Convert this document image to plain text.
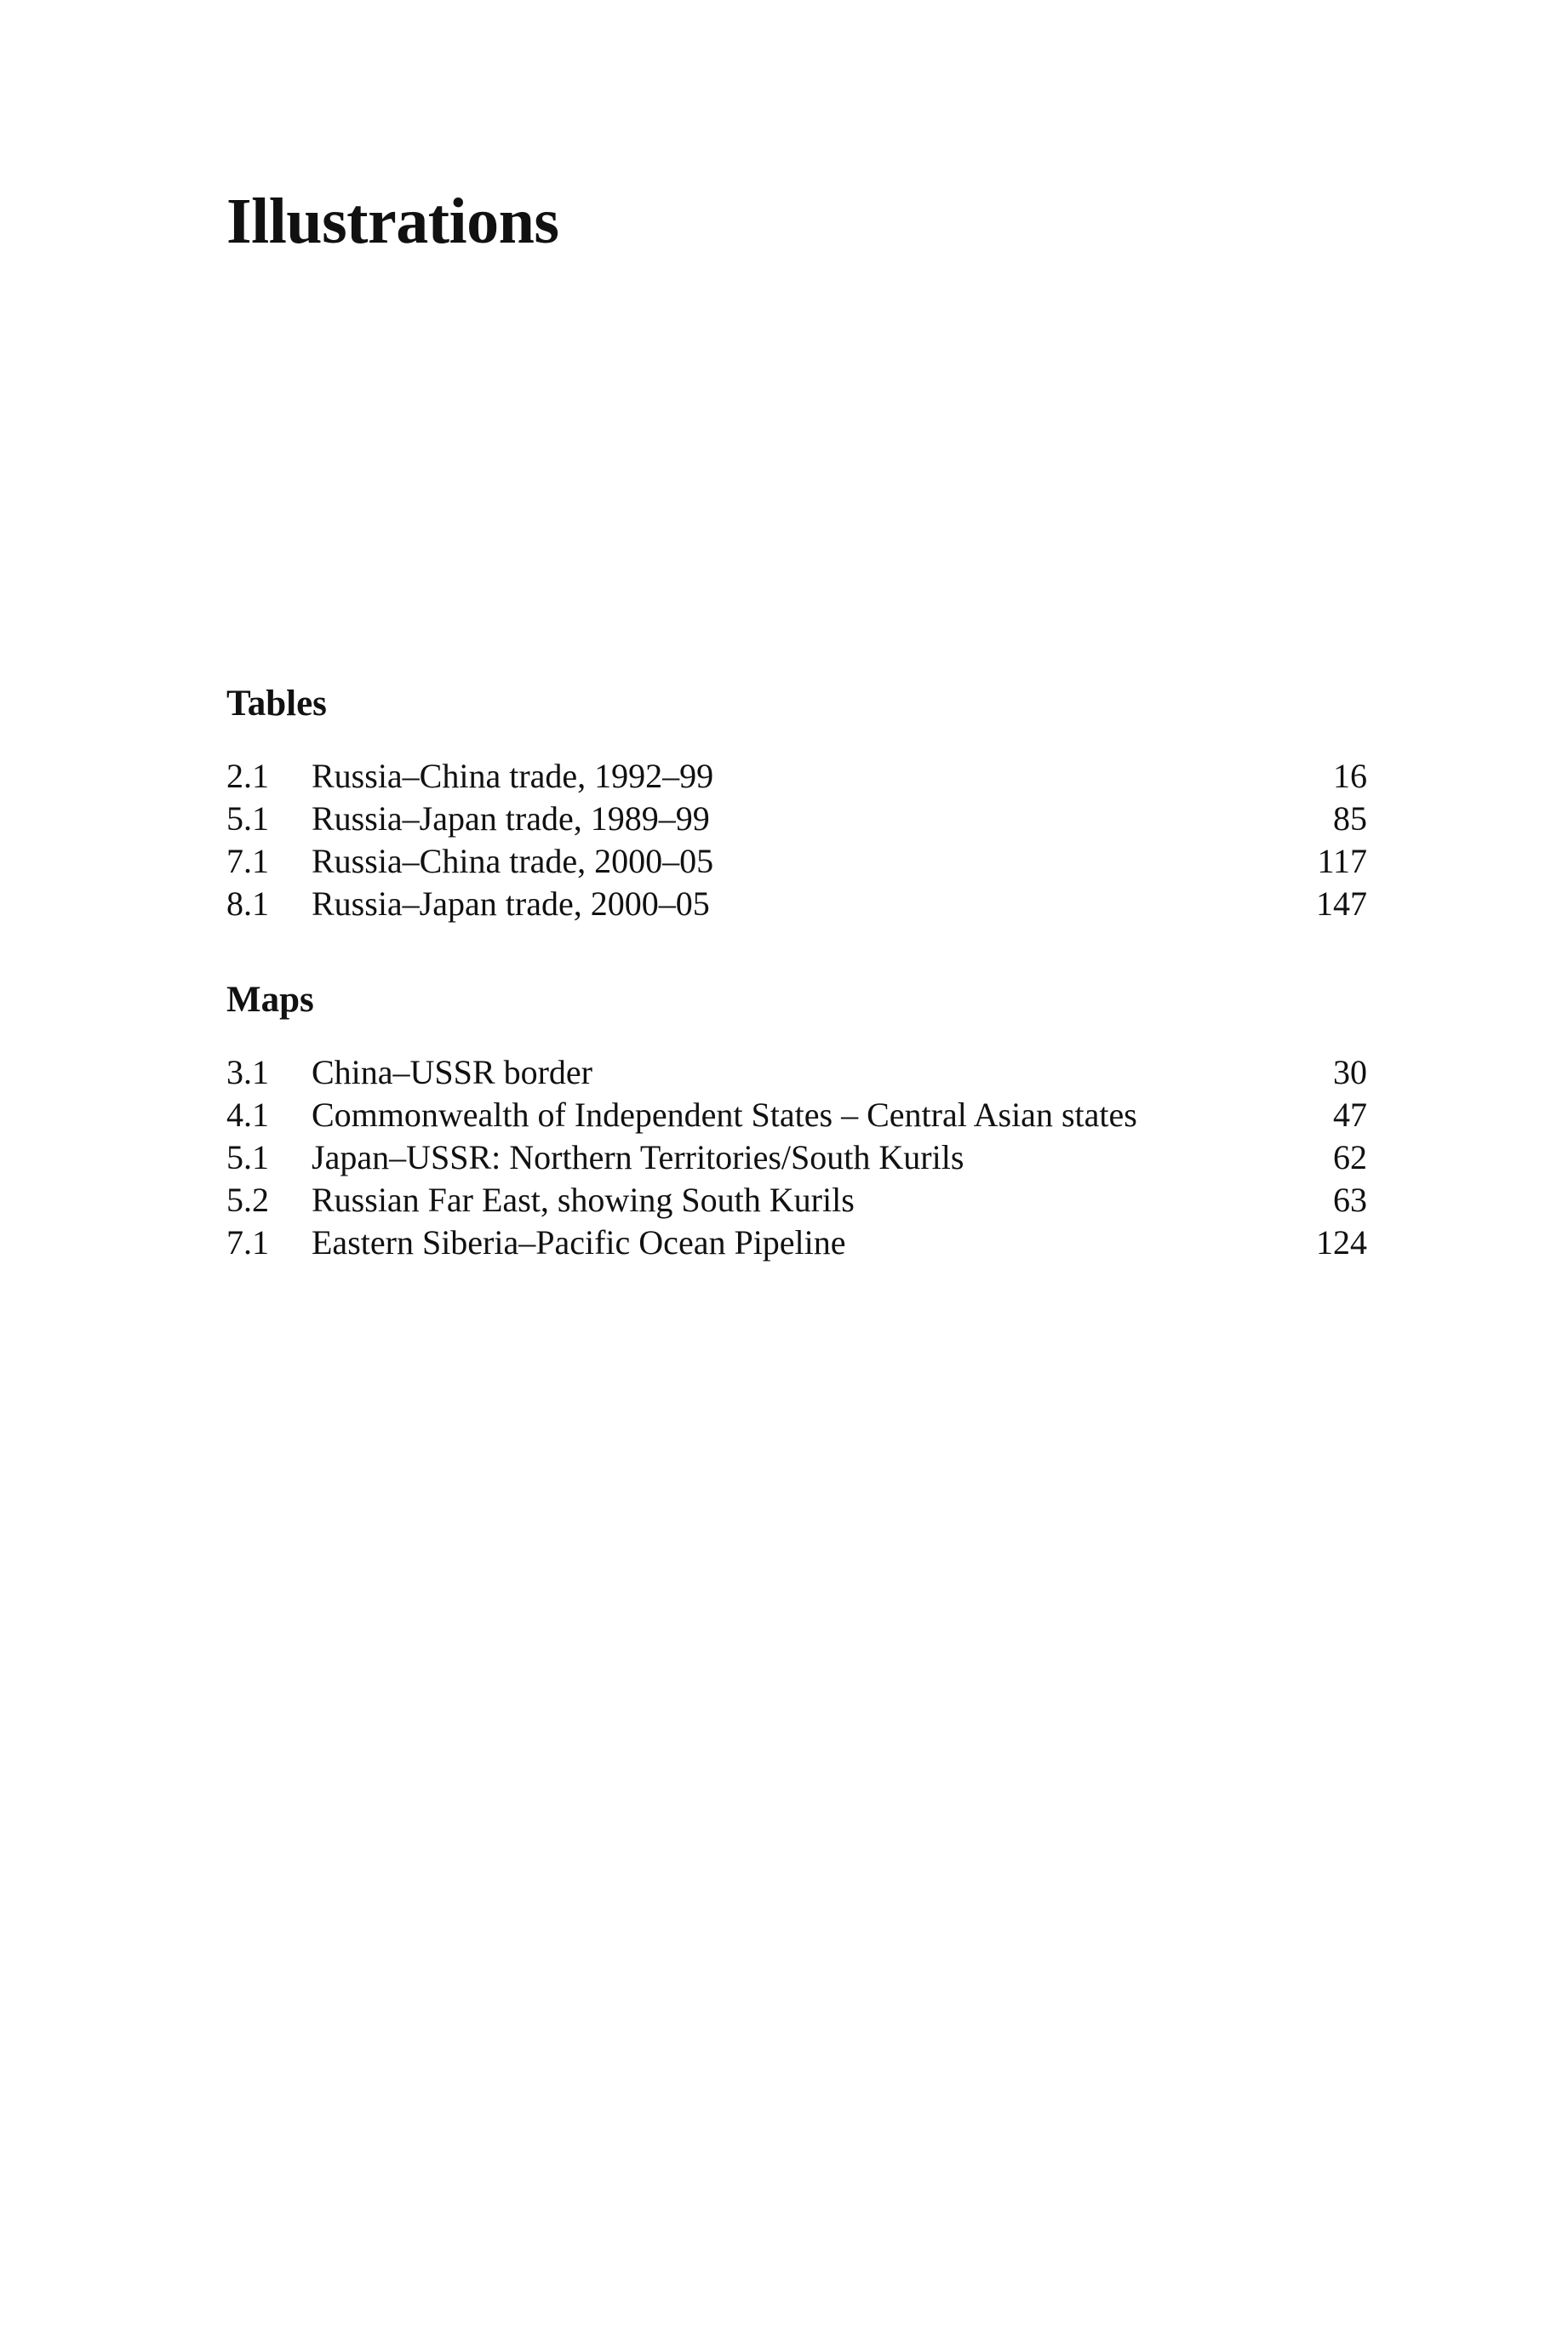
Illustrations
Tables
2.1 Russia–China trade, 1992–99	16
5.1 Russia–Japan trade, 1989–99	85
7.1 Russia–China trade, 2000–05	117
8.1 Russia–Japan trade, 2000–05	147
Maps
3.1 China–USSR border	30
4.1 Commonwealth of Independent States – Central Asian states	47
5.1 Japan–USSR: Northern Territories/South Kurils	62
5.2 Russian Far East, showing South Kurils	63
7.1 Eastern Siberia–Pacific Ocean Pipeline	124
